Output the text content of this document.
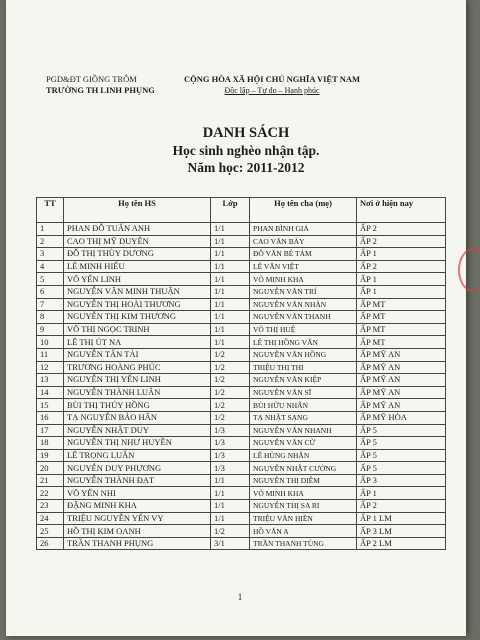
PGD&ĐT GIỒNG TRÔM
TRƯỜNG TH LINH PHỤNG
CỘNG HÒA XÃ HỘI CHỦ NGHĨA VIỆT NAM
Độc lập – Tự do – Hạnh phúc
DANH SÁCH
Học sinh nghèo nhận tập.
Năm học: 2011-2012
TT	Họ tên HS	Lớp	Họ tên cha (mẹ)	Nơi ở hiện nay
1	PHAN ĐỖ TUẤN ANH	1/1	PHAN BÌNH GIẢ	ẤP 2
2	CAO THỊ MỸ DUYÊN	1/1	CAO VĂN BẢY	ẤP 2
3	ĐỖ THỊ THÙY DƯƠNG	1/1	ĐỖ VĂN BÉ TÁM	ẤP 1
4	LÊ MINH HIẾU	1/1	LÊ VĂN VIỆT	ẤP 2
5	VÕ YẾN LINH	1/1	VÕ MINH KHA	ẤP 1
6	NGUYỄN VĂN MINH THUẬN	1/1	NGUYỄN VĂN TRÍ	ẤP 1
7	NGUYỄN THỊ HOÀI THƯƠNG	1/1	NGUYỄN VĂN NHÀN	ẤP MT
8	NGUYỄN THỊ KIM THƯƠNG	1/1	NGUYỄN VĂN THANH	ẤP MT
9	VÕ THỊ NGỌC TRINH	1/1	VÕ THỊ HUỆ	ẤP MT
10	LÊ THỊ ÚT NA	1/1	LÊ THỊ HỒNG VÂN	ẤP MT
11	NGUYỄN TẤN TÀI	1/2	NGUYỄN VĂN HỒNG	ẤP MỸ AN
12	TRƯƠNG HOÀNG PHÚC	1/2	TRIỆU THỊ THI	ẤP MỸ AN
13	NGUYỄN THỊ YẾN LINH	1/2	NGUYỄN VĂN KIỆP	ẤP MỸ AN
14	NGUYỄN THÀNH LUÂN	1/2	NGUYỄN VĂN SĨ	ẤP MỸ AN
15	BÙI THỊ THÚY HỒNG	1/2	BÙI HỮU NHÂN	ẤP MỸ AN
16	TẠ NGUYỄN BẢO HÂN	1/2	TẠ NHẬT SANG	ẤP MỸ HÒA
17	NGUYỄN NHẬT DUY	1/3	NGUYỄN VĂN NHANH	ẤP 5
18	NGUYỄN THỊ NHƯ HUYỀN	1/3	NGUYỄN VĂN CỪ	ẤP 5
19	LÊ TRỌNG LUÂN	1/3	LÊ HÙNG NHÂN	ẤP 5
20	NGUYỄN DUY PHƯƠNG	1/3	NGUYỄN NHẬT CƯỜNG	ẤP 5
21	NGUYỄN THÀNH ĐẠT	1/1	NGUYỄN THỊ DIỄM	ẤP 3
22	VÕ YẾN NHI	1/1	VÕ MINH KHA	ẤP 1
23	ĐẶNG MINH KHA	1/1	NGUYỄN THỊ SA RI	ẤP 2
24	TRIỆU NGUYỄN YẾN VY	1/1	TRIỆU VĂN HIỀN	ẤP 1 LM
25	HỒ THỊ KIM OANH	1/2	HỒ VĂN A	ẤP 3 LM
26	TRẦN THANH PHỤNG	3/1	TRẦN THANH TÙNG	ẤP 2 LM
1
